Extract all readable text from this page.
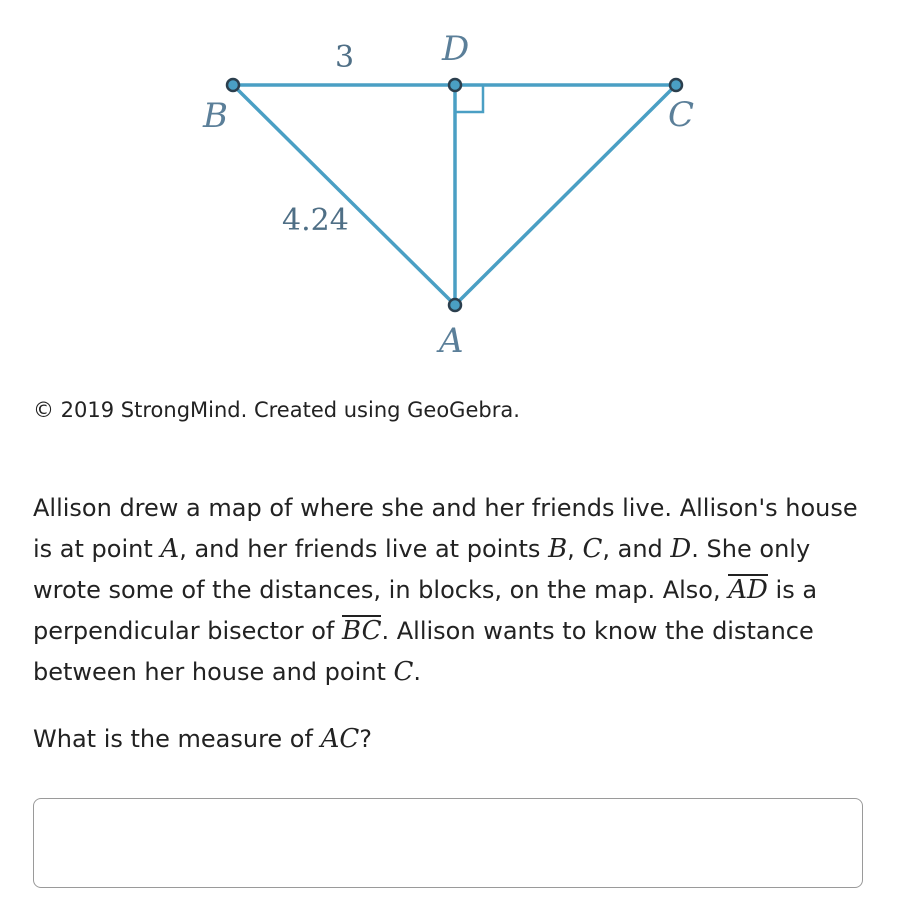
B
D
C
A
3
4.24
© 2019 StrongMind. Created using GeoGebra.

Allison drew a map of where she and her friends live. Allison's house is at point A, and her friends live at points B, C, and D. She only wrote some of the distances, in blocks, on the map. Also, AD is a perpendicular bisector of BC. Allison wants to know the distance between her house and point C.

What is the measure of AC?
